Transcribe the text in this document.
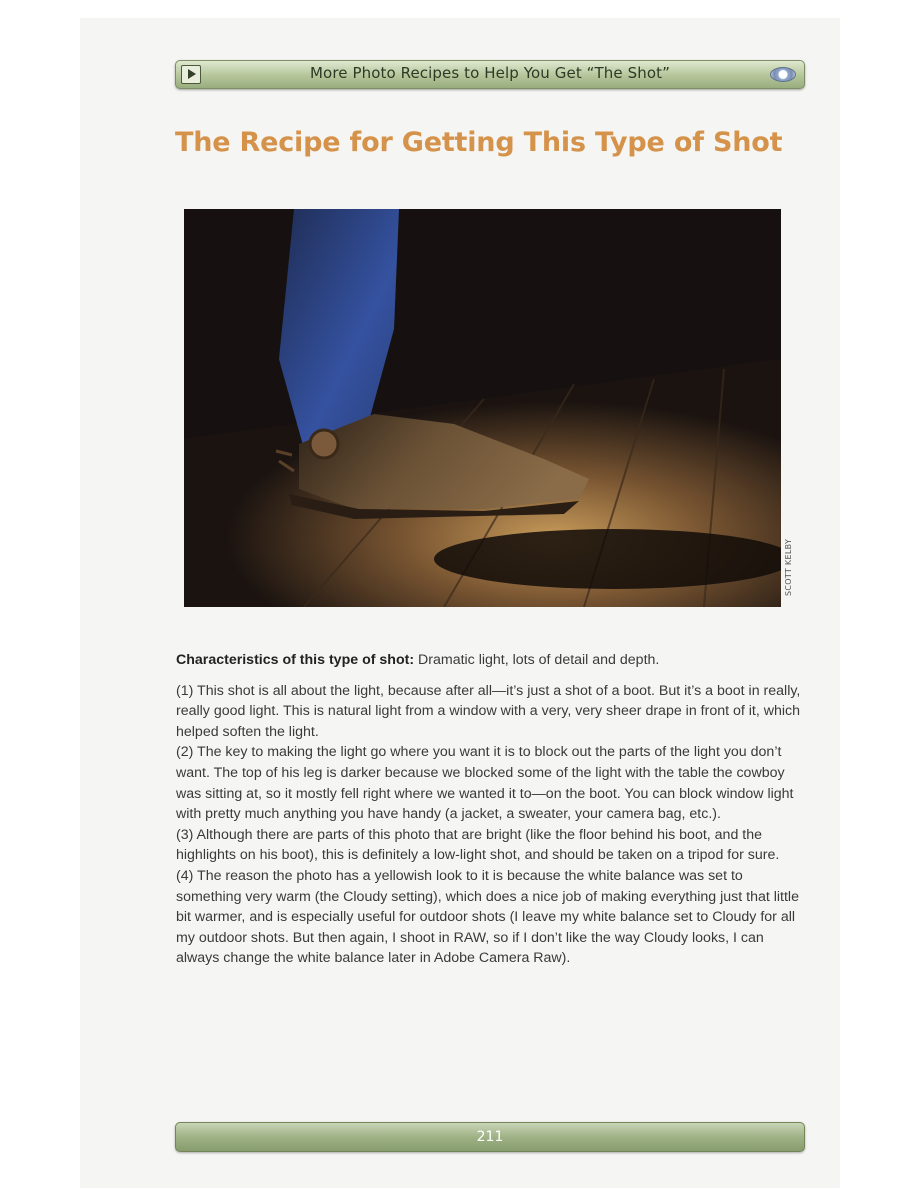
More Photo Recipes to Help You Get “The Shot”
The Recipe for Getting This Type of Shot
SCOTT KELBY

Characteristics of this type of shot: Dramatic light, lots of detail and depth.

(1) This shot is all about the light, because after all—it’s just a shot of a boot. But it’s a boot in really, really good light. This is natural light from a window with a very, very sheer drape in front of it, which helped soften the light.

(2) The key to making the light go where you want it is to block out the parts of the light you don’t want. The top of his leg is darker because we blocked some of the light with the table the cowboy was sitting at, so it mostly fell right where we wanted it to—on the boot. You can block window light with pretty much anything you have handy (a jacket, a sweater, your camera bag, etc.).

(3) Although there are parts of this photo that are bright (like the floor behind his boot, and the highlights on his boot), this is definitely a low-light shot, and should be taken on a tripod for sure.

(4) The reason the photo has a yellowish look to it is because the white balance was set to something very warm (the Cloudy setting), which does a nice job of making everything just that little bit warmer, and is especially useful for outdoor shots (I leave my white balance set to Cloudy for all my outdoor shots. But then again, I shoot in RAW, so if I don’t like the way Cloudy looks, I can always change the white balance later in Adobe Camera Raw).

211
